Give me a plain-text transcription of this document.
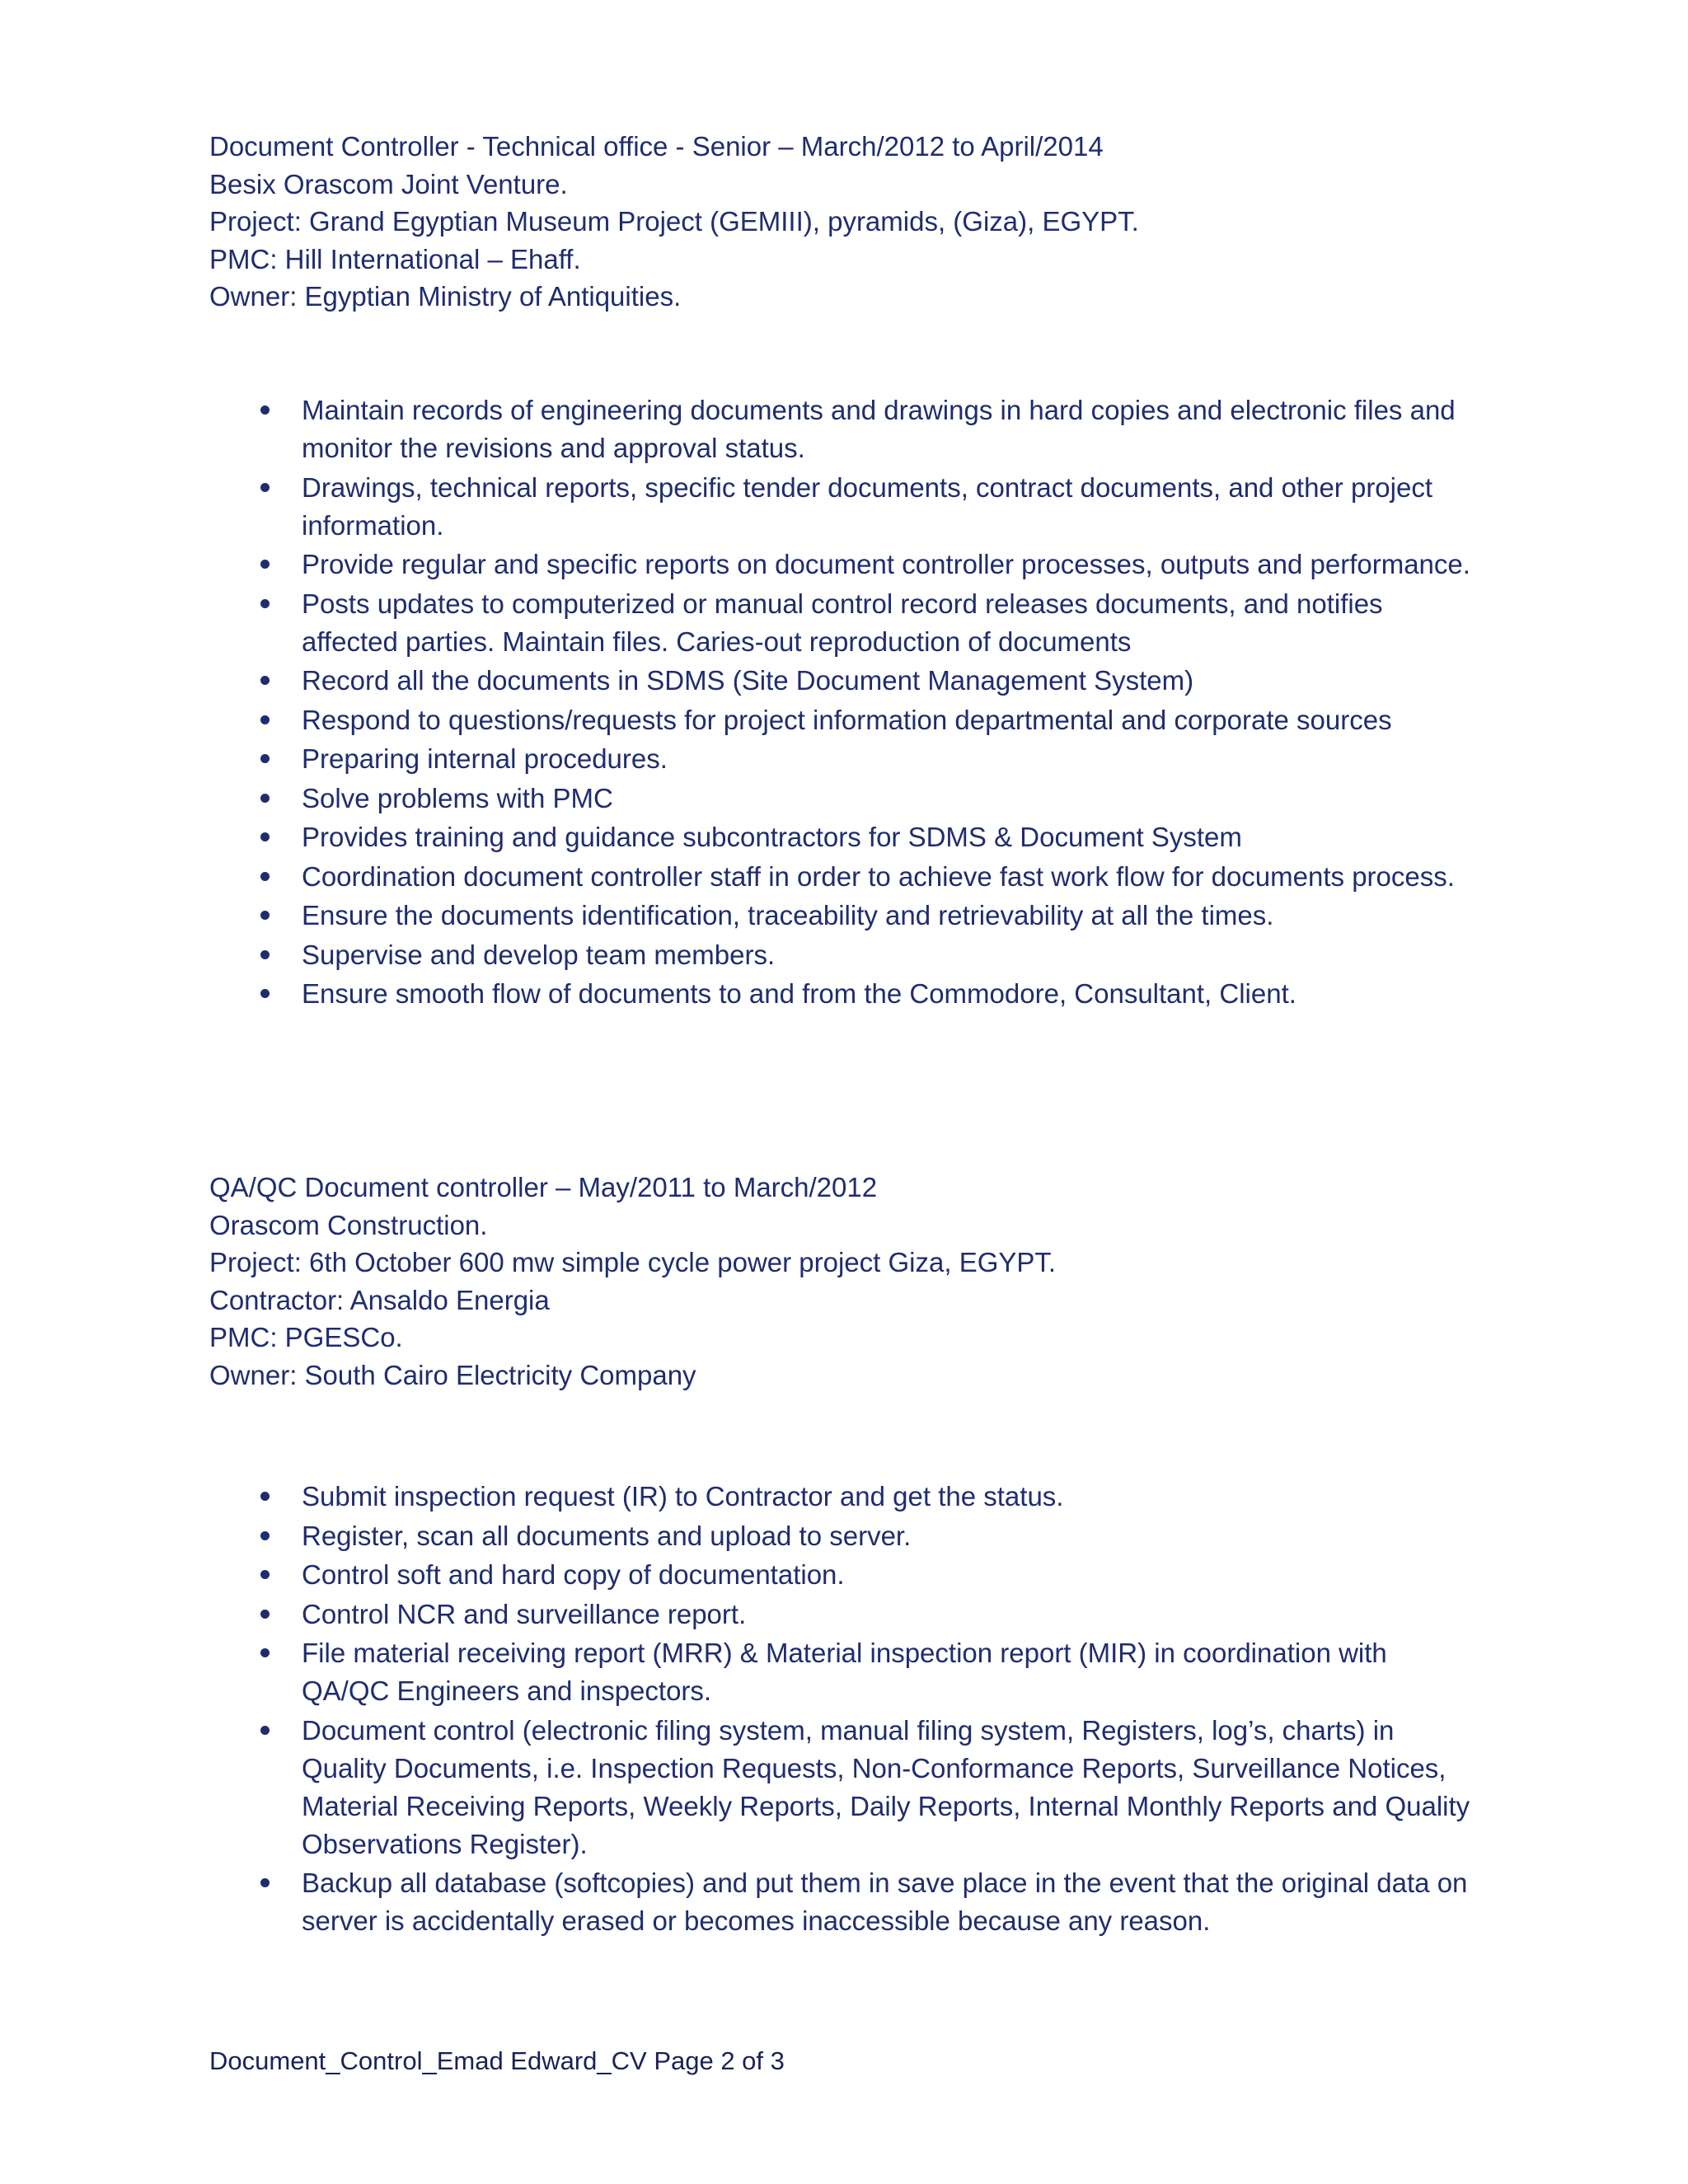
Document Controller - Technical office - Senior – March/2012 to April/2014
Besix Orascom Joint Venture.
Project: Grand Egyptian Museum Project (GEMIII), pyramids, (Giza), EGYPT.
PMC: Hill International – Ehaff.
Owner: Egyptian Ministry of Antiquities.
Maintain records of engineering documents and drawings in hard copies and electronic files and monitor the revisions and approval status.
Drawings, technical reports, specific tender documents, contract documents, and other project information.
Provide regular and specific reports on document controller processes, outputs and performance.
Posts updates to computerized or manual control record releases documents, and notifies affected parties. Maintain files. Caries-out reproduction of documents
Record all the documents in SDMS (Site Document Management System)
Respond to questions/requests for project information departmental and corporate sources
Preparing internal procedures.
Solve problems with PMC
Provides training and guidance subcontractors for SDMS & Document System
Coordination document controller staff in order to achieve fast work flow for documents process.
Ensure the documents identification, traceability and retrievability at all the times.
Supervise and develop team members.
Ensure smooth flow of documents to and from the Commodore, Consultant, Client.
QA/QC Document controller – May/2011 to March/2012
Orascom Construction.
Project: 6th October 600 mw simple cycle power project Giza, EGYPT.
Contractor: Ansaldo Energia
PMC: PGESCo.
Owner: South Cairo Electricity Company
Submit inspection request (IR) to Contractor and get the status.
Register, scan all documents and upload to server.
Control soft and hard copy of documentation.
Control NCR and surveillance report.
File material receiving report (MRR) & Material inspection report (MIR) in coordination with QA/QC Engineers and inspectors.
Document control (electronic filing system, manual filing system, Registers, log’s, charts) in Quality Documents, i.e. Inspection Requests, Non-Conformance Reports, Surveillance Notices, Material Receiving Reports, Weekly Reports, Daily Reports, Internal Monthly Reports and Quality Observations Register).
Backup all database (softcopies) and put them in save place in the event that the original data on server is accidentally erased or becomes inaccessible because any reason.
Document_Control_Emad Edward_CV Page 2 of 3
